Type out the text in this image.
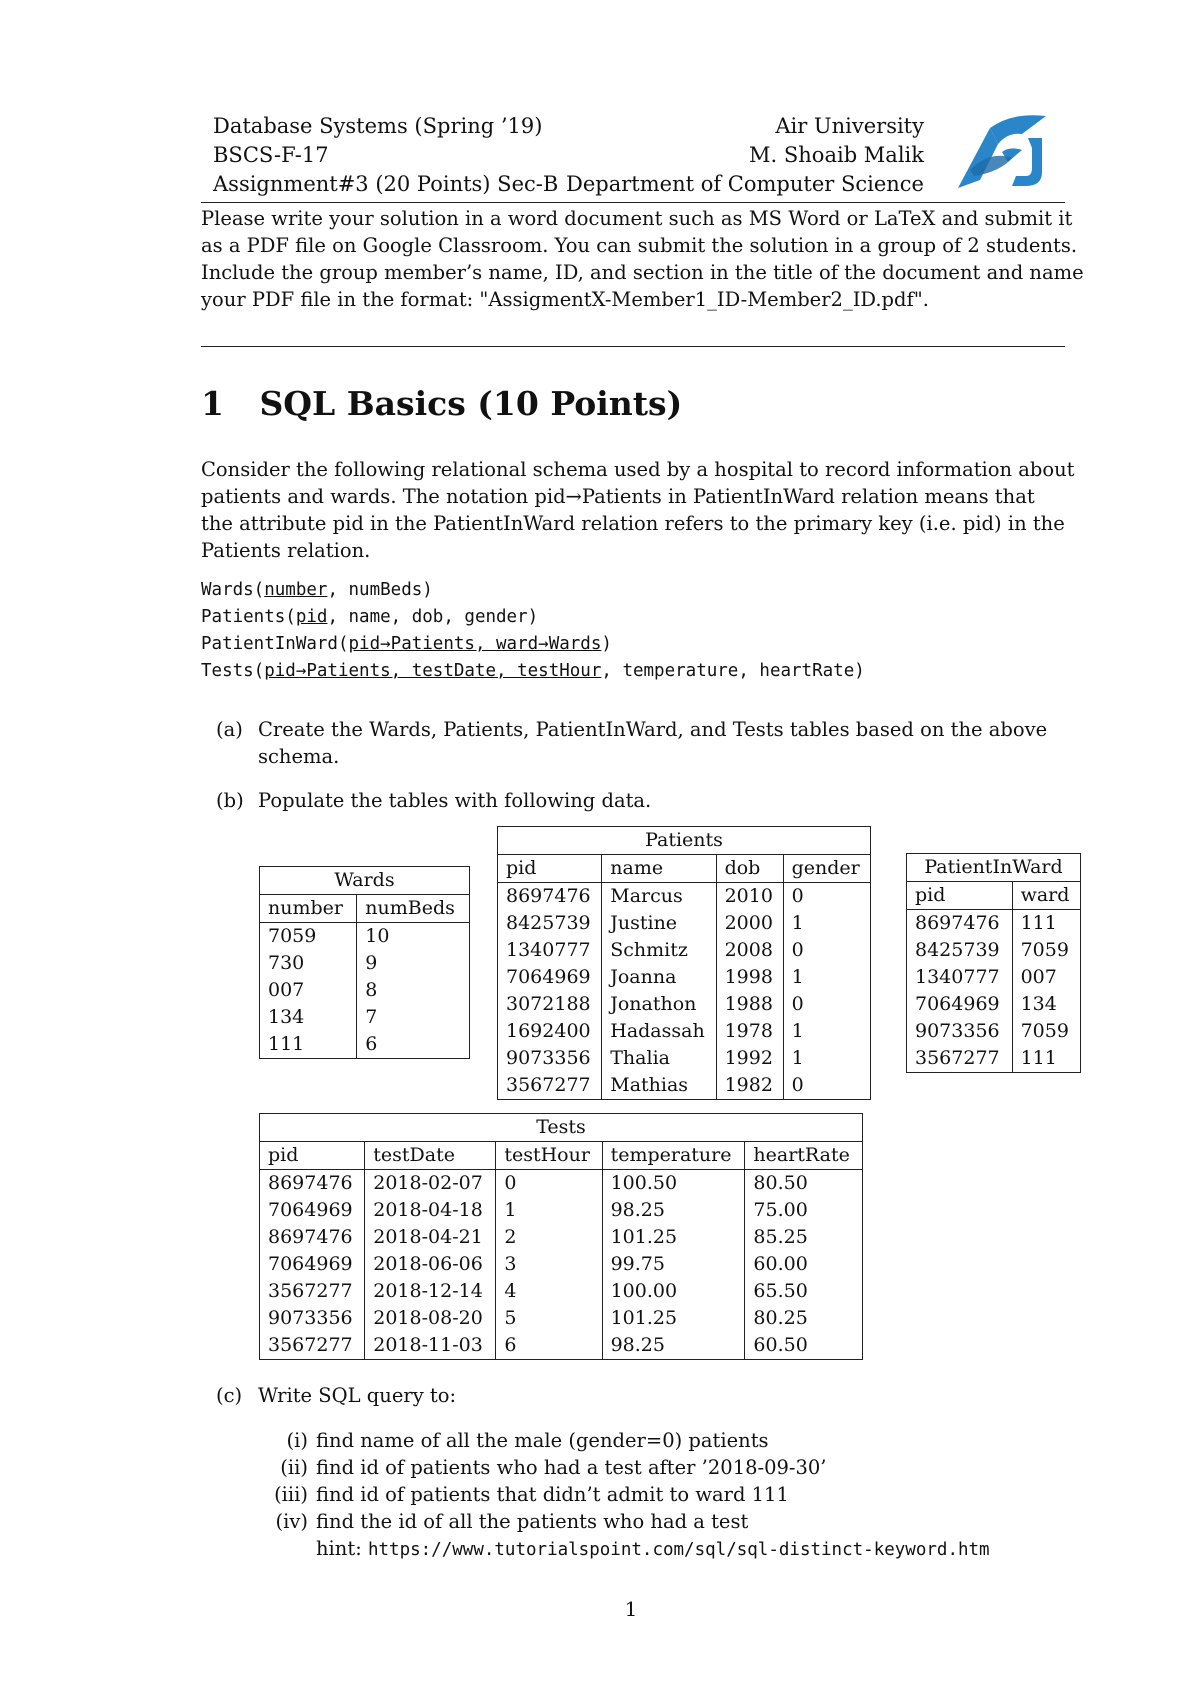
Database Systems (Spring ’19)
BSCS-F-17
Assignment#3 (20 Points) Sec-B
Air University
M. Shoaib Malik
Department of Computer Science
Please write your solution in a word document such as MS Word or LaTeX and submit it
as a PDF file on Google Classroom. You can submit the solution in a group of 2 students.
Include the group member’s name, ID, and section in the title of the document and name
your PDF file in the format: "AssigmentX-Member1_ID-Member2_ID.pdf".
1 SQL Basics (10 Points)
Consider the following relational schema used by a hospital to record information about
patients and wards. The notation pid→Patients in PatientInWard relation means that
the attribute pid in the PatientInWard relation refers to the primary key (i.e. pid) in the
Patients relation.
Wards(number, numBeds)
Patients(pid, name, dob, gender)
PatientInWard(pid→Patients, ward→Wards)
Tests(pid→Patients, testDate, testHour, temperature, heartRate)
(a) Create the Wards, Patients, PatientInWard, and Tests tables based on the above
schema.
(b) Populate the tables with following data.
Wards	
number	numBeds
7059	10
730	9
007	8
134	7
111	6
Patients			
pid	name	dob	gender
8697476	Marcus	2010	0
8425739	Justine	2000	1
1340777	Schmitz	2008	0
7064969	Joanna	1998	1
3072188	Jonathon	1988	0
1692400	Hadassah	1978	1
9073356	Thalia	1992	1
3567277	Mathias	1982	0
PatientInWard	
pid	ward
8697476	111
8425739	7059
1340777	007
7064969	134
9073356	7059
3567277	111
Tests				
pid	testDate	testHour	temperature	heartRate
8697476	2018-02-07	0	100.50	80.50
7064969	2018-04-18	1	98.25	75.00
8697476	2018-04-21	2	101.25	85.25
7064969	2018-06-06	3	99.75	60.00
3567277	2018-12-14	4	100.00	65.50
9073356	2018-08-20	5	101.25	80.25
3567277	2018-11-03	6	98.25	60.50
(c) Write SQL query to:
(i) find name of all the male (gender=0) patients
(ii) find id of patients who had a test after ’2018-09-30’
(iii) find id of patients that didn’t admit to ward 111
(iv) find the id of all the patients who had a test
hint: https://www.tutorialspoint.com/sql/sql-distinct-keyword.htm
1
